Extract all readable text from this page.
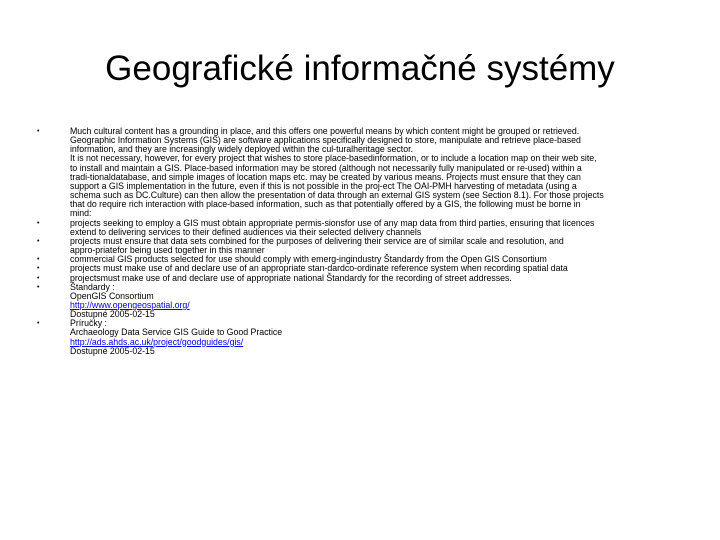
Geografické informačné systémy
•	Much cultural content has a grounding in place, and this offers one powerful means by which content might be grouped or retrieved.
Geographic Information Systems (GIS) are software applications specifically designed to store, manipulate and retrieve place-based
information, and they are increasingly widely deployed within the cul-turalheritage sector.
It is not necessary, however, for every project that wishes to store place-basedinformation, or to include a location map on their web site,
to install and maintain a GIS. Place-based information may be stored (although not necessarily fully manipulated or re-used) within a
tradi-tionaldatabase, and simple images of location maps etc. may be created by various means. Projects must ensure that they can
support a GIS implementation in the future, even if this is not possible in the proj-ect The OAI-PMH harvesting of metadata (using a
schema such as DC.Culture) can then allow the presentation of data through an external GIS system (see Section 8.1). For those projects
that do require rich interaction with place-based information, such as that potentially offered by a GIS, the following must be borne in
mind:
•	projects seeking to employ a GIS must obtain appropriate permis-sionsfor use of any map data from third parties, ensuring that licences
extend to delivering services to their defined audiences via their selected delivery channels
•	projects must ensure that data sets combined for the purposes of delivering their service are of similar scale and resolution, and
appro-priatefor being used together in this manner
•	commercial GIS products selected for use should comply with emerg-ingindustry Štandardy from the Open GIS Consortium
•	projects must make use of and declare use of an appropriate stan-dardco-ordinate reference system when recording spatial data
•	projectsmust make use of and declare use of appropriate national Štandardy for the recording of street addresses.
•	Štandardy :
OpenGIS Consortium
http://www.opengeospatial.org/
Dostupné 2005-02-15
•	Príručky :
Archaeology Data Service GIS Guide to Good Practice
http://ads.ahds.ac.uk/project/goodguides/gis/
Dostupné 2005-02-15
